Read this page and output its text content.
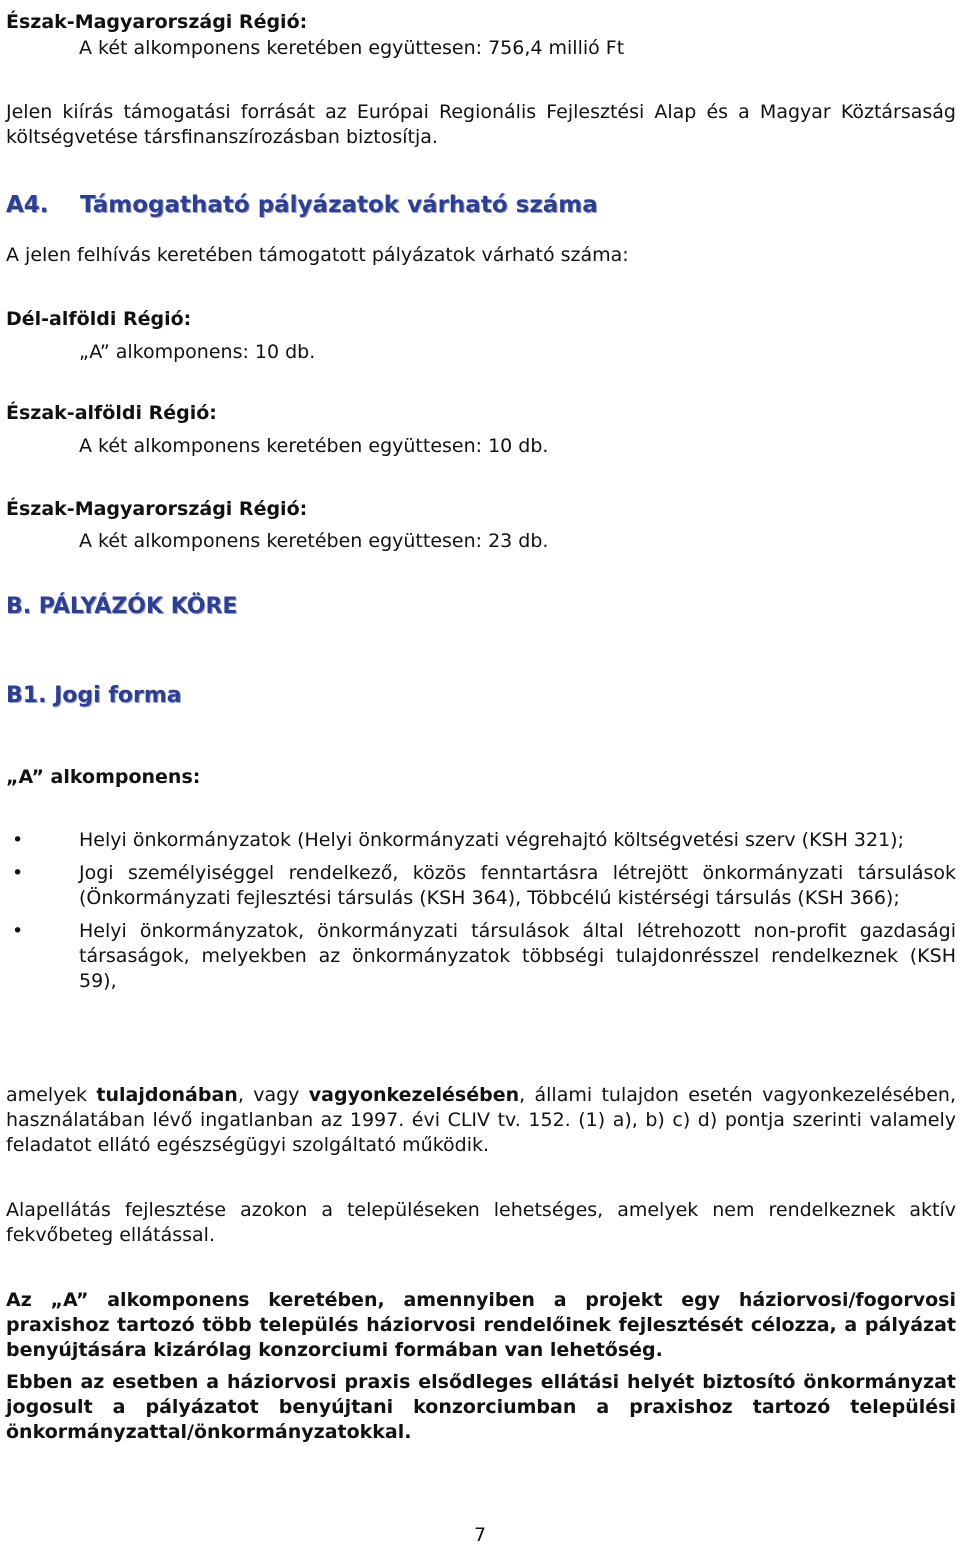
Észak-Magyarországi Régió:

A két alkomponens keretében együttesen: 756,4 millió Ft

Jelen kiírás támogatási forrását az Európai Regionális Fejlesztési Alap és a Magyar Köztársaság költségvetése társfinanszírozásban biztosítja.

A4. Támogatható pályázatok várható száma

A jelen felhívás keretében támogatott pályázatok várható száma:

Dél-alföldi Régió:

„A” alkomponens: 10 db.

Észak-alföldi Régió:

A két alkomponens keretében együttesen: 10 db.

Észak-Magyarországi Régió:

A két alkomponens keretében együttesen: 23 db.

B. PÁLYÁZÓK KÖRE
B1. Jogi forma

„A” alkomponens:

•	Helyi önkormányzatok (Helyi önkormányzati végrehajtó költségvetési szerv (KSH 321);
•	Jogi személyiséggel rendelkező, közös fenntartásra létrejött önkormányzati társulások (Önkormányzati fejlesztési társulás (KSH 364), Többcélú kistérségi társulás (KSH 366);
•	Helyi önkormányzatok, önkormányzati társulások által létrehozott non-profit gazdasági társaságok, melyekben az önkormányzatok többségi tulajdonrésszel rendelkeznek (KSH 59),

amelyek tulajdonában, vagy vagyonkezelésében, állami tulajdon esetén vagyonkezelésében, használatában lévő ingatlanban az 1997. évi CLIV tv. 152. (1) a), b) c) d) pontja szerinti valamely feladatot ellátó egészségügyi szolgáltató működik.

Alapellátás fejlesztése azokon a településeken lehetséges, amelyek nem rendelkeznek aktív fekvőbeteg ellátással.

Az „A” alkomponens keretében, amennyiben a projekt egy háziorvosi/fogorvosi praxishoz tartozó több település háziorvosi rendelőinek fejlesztését célozza, a pályázat benyújtására kizárólag konzorciumi formában van lehetőség.

Ebben az esetben a háziorvosi praxis elsődleges ellátási helyét biztosító önkormányzat jogosult a pályázatot benyújtani konzorciumban a praxishoz tartozó települési önkormányzattal/önkormányzatokkal.

7
